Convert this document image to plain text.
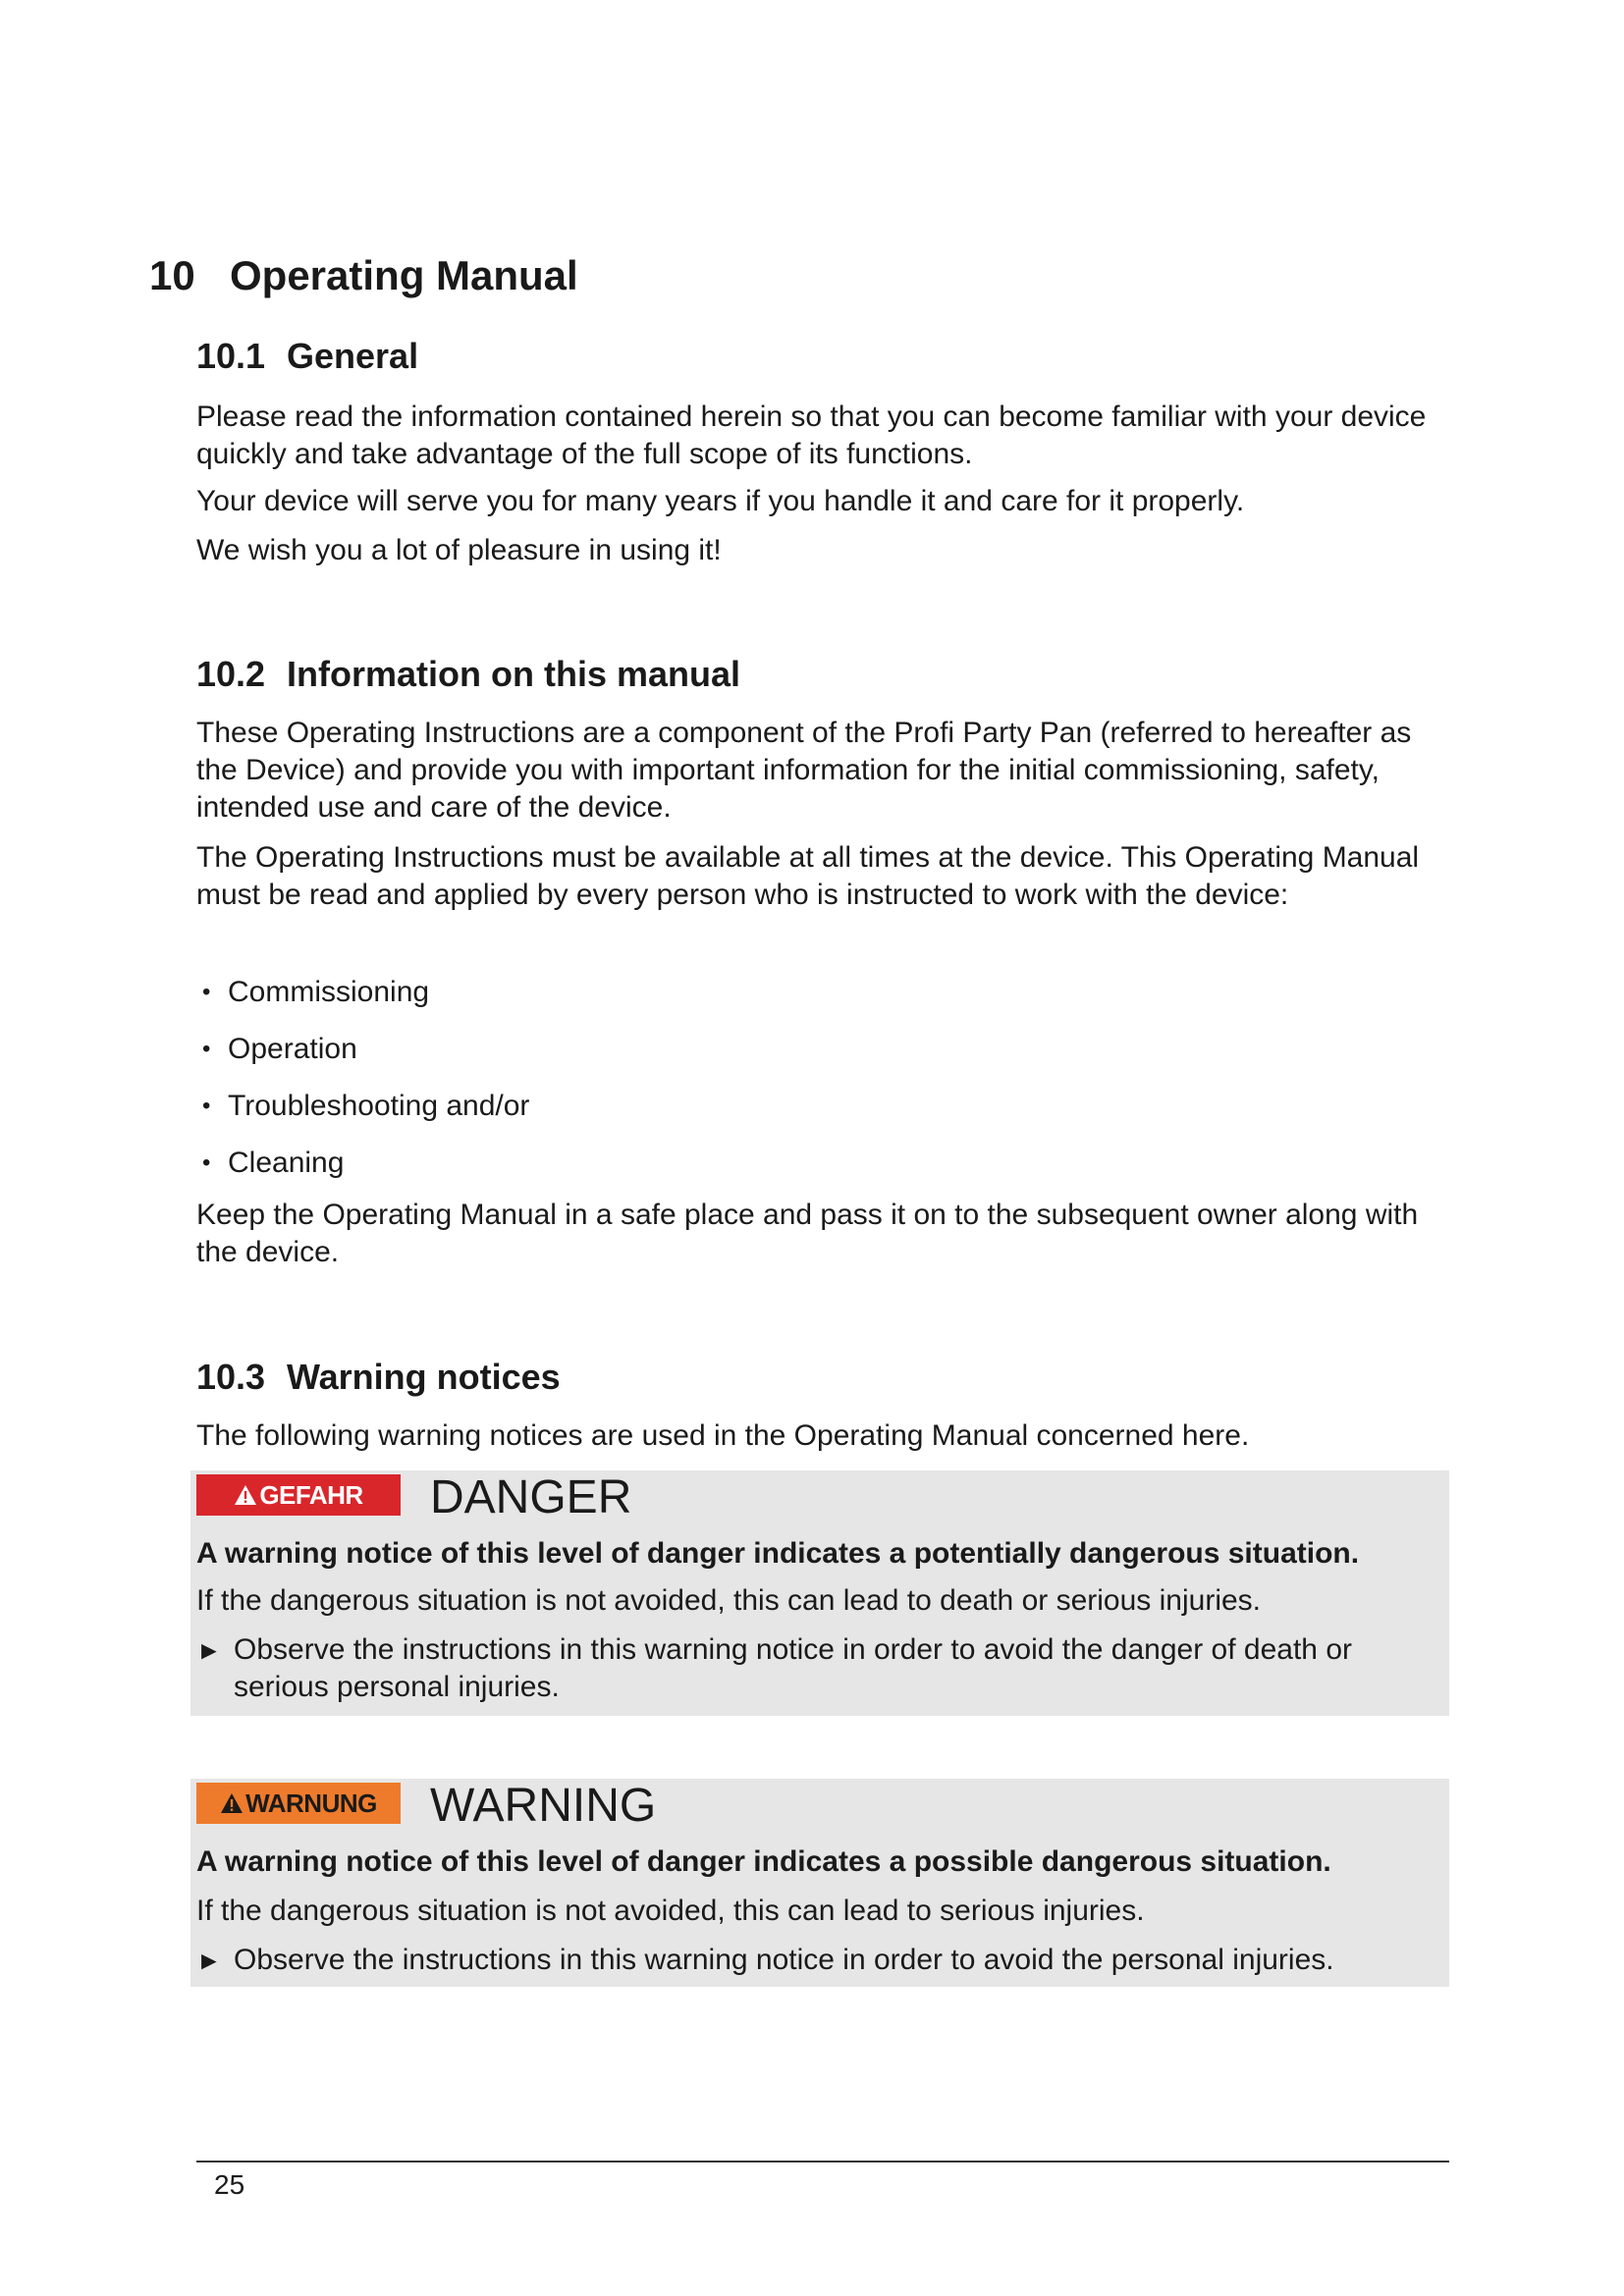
10 Operating Manual
10.1 General

Please read the information contained herein so that you can become familiar with your device quickly and take advantage of the full scope of its functions.

Your device will serve you for many years if you handle it and care for it properly.

We wish you a lot of pleasure in using it!

10.2 Information on this manual

These Operating Instructions are a component of the Profi Party Pan (referred to hereafter as the Device) and provide you with important information for the initial commissioning, safety, intended use and care of the device.

The Operating Instructions must be available at all times at the device. This Operating Manual must be read and applied by every person who is instructed to work with the device:

• Commissioning
• Operation
• Troubleshooting and/or
• Cleaning

Keep the Operating Manual in a safe place and pass it on to the subsequent owner along with the device.

10.3 Warning notices

The following warning notices are used in the Operating Manual concerned here.

GEFAHR DANGER
A warning notice of this level of danger indicates a potentially dangerous situation.
If the dangerous situation is not avoided, this can lead to death or serious injuries.
► Observe the instructions in this warning notice in order to avoid the danger of death or
serious personal injuries.
WARNUNG WARNING
A warning notice of this level of danger indicates a possible dangerous situation.
If the dangerous situation is not avoided, this can lead to serious injuries.
► Observe the instructions in this warning notice in order to avoid the personal injuries.
25
